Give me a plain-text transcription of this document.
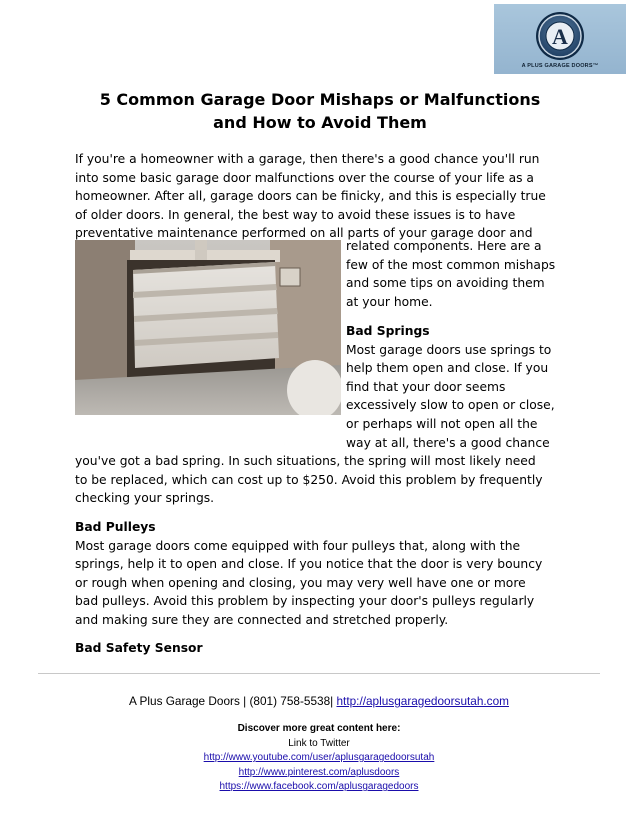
A
A PLUS GARAGE DOORS™
5 Common Garage Door Mishaps or Malfunctions
and How to Avoid Them
If you're a homeowner with a garage, then there's a good chance you'll run
into some basic garage door malfunctions over the course of your life as a
homeowner. After all, garage doors can be finicky, and this is especially true
of older doors. In general, the best way to avoid these issues is to have
preventative maintenance performed on all parts of your garage door and
related components. Here are a
few of the most common mishaps
and some tips on avoiding them
at your home.
Bad Springs
Most garage doors use springs to
help them open and close. If you
find that your door seems
excessively slow to open or close,
or perhaps will not open all the
way at all, there's a good chance
you've got a bad spring. In such situations, the spring will most likely need
to be replaced, which can cost up to $250. Avoid this problem by frequently
checking your springs.
Bad Pulleys
Most garage doors come equipped with four pulleys that, along with the
springs, help it to open and close. If you notice that the door is very bouncy
or rough when opening and closing, you may very well have one or more
bad pulleys. Avoid this problem by inspecting your door's pulleys regularly
and making sure they are connected and stretched properly.
Bad Safety Sensor
A Plus Garage Doors | (801) 758-5538| http://aplusgaragedoorsutah.com
Discover more great content here:
Link to Twitter
http://www.youtube.com/user/aplusgaragedoorsutah
http://www.pinterest.com/aplusdoors
https://www.facebook.com/aplusgaragedoors
